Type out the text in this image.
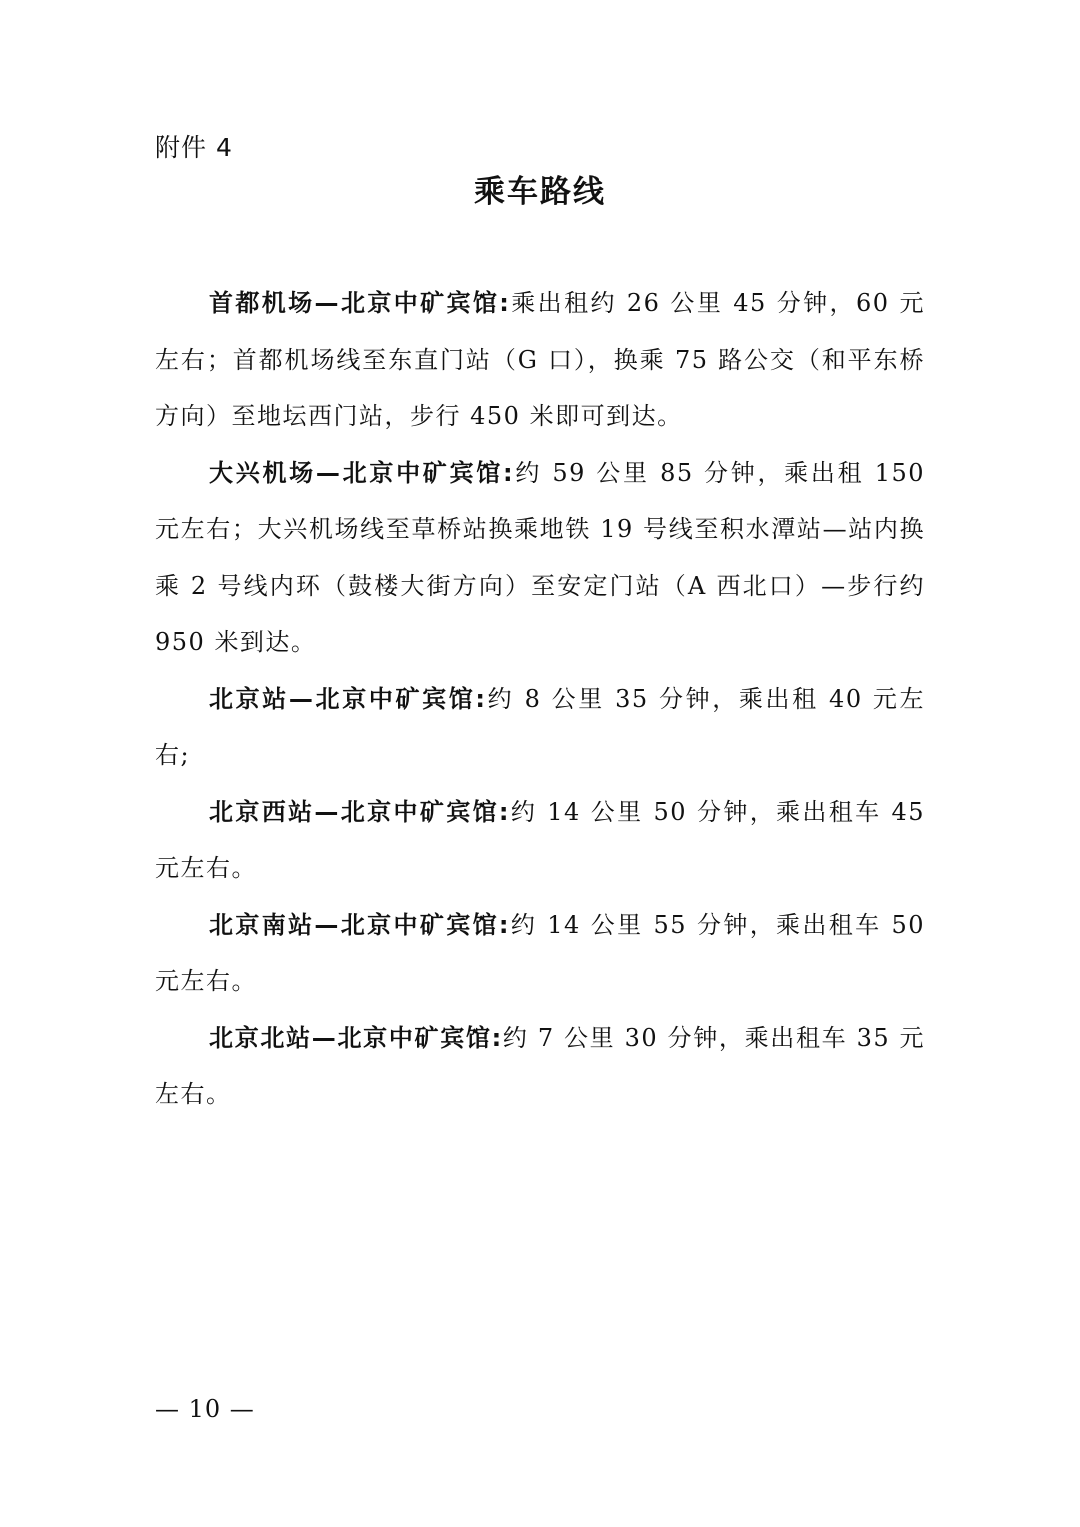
附件 4
乘车路线

首都机场—北京中矿宾馆:乘出租约 26 公里 45 分钟，60 元左右；首都机场线至东直门站（G 口），换乘 75 路公交（和平东桥方向）至地坛西门站，步行 450 米即可到达。

大兴机场—北京中矿宾馆:约 59 公里 85 分钟，乘出租 150 元左右；大兴机场线至草桥站换乘地铁 19 号线至积水潭站—站内换乘 2 号线内环（鼓楼大街方向）至安定门站（A 西北口）—步行约 950 米到达。

北京站—北京中矿宾馆:约 8 公里 35 分钟，乘出租 40 元左右;

北京西站—北京中矿宾馆:约 14 公里 50 分钟，乘出租车 45 元左右。

北京南站—北京中矿宾馆:约 14 公里 55 分钟，乘出租车 50 元左右。

北京北站—北京中矿宾馆:约 7 公里 30 分钟，乘出租车 35 元左右。

— 10 —
